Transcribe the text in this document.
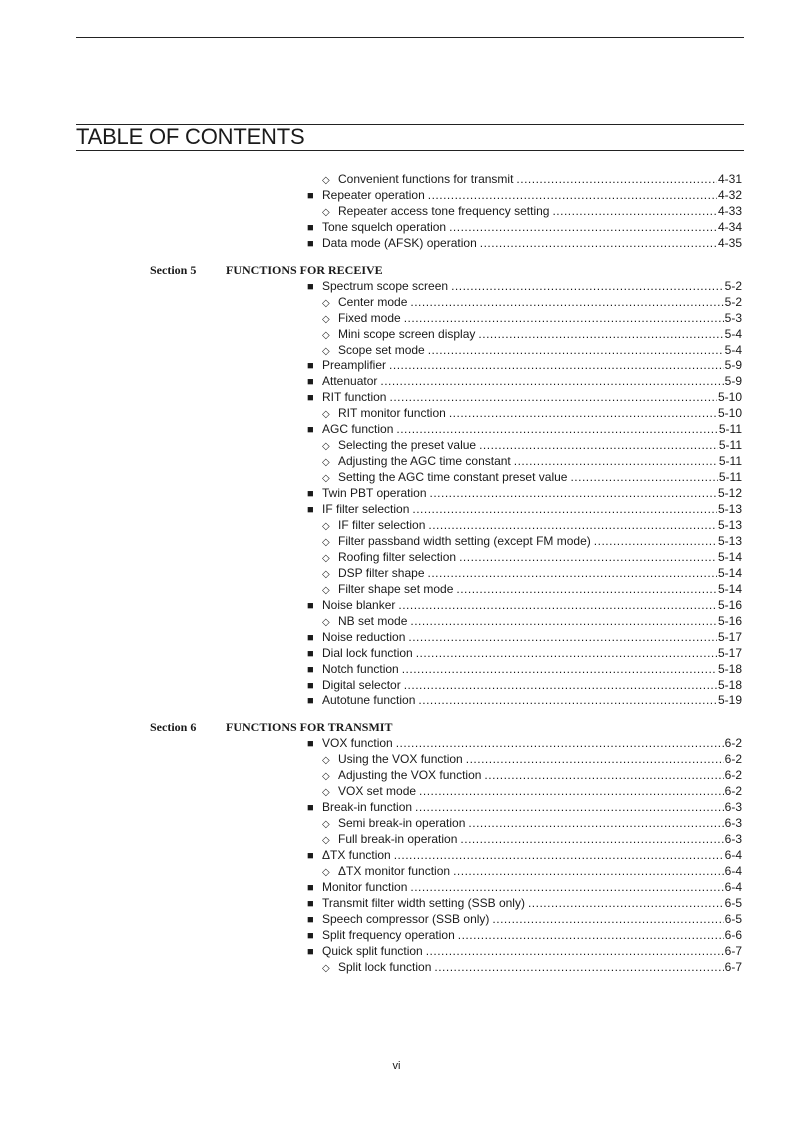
TABLE OF CONTENTS
◇ Convenient functions for transmit .....	4-31
■ Repeater operation .....	4-32
◇ Repeater access tone frequency setting .....	4-33
■ Tone squelch operation .....	4-34
■ Data mode (AFSK) operation .....	4-35
Section 5 FUNCTIONS FOR RECEIVE
■ Spectrum scope screen .....	5-2
◇ Center mode .....	5-2
◇ Fixed mode .....	5-3
◇ Mini scope screen display .....	5-4
◇ Scope set mode .....	5-4
■ Preamplifier .....	5-9
■ Attenuator .....	5-9
■ RIT function .....	5-10
◇ RIT monitor function .....	5-10
■ AGC function .....	5-11
◇ Selecting the preset value .....	5-11
◇ Adjusting the AGC time constant .....	5-11
◇ Setting the AGC time constant preset value .....	5-11
■ Twin PBT operation .....	5-12
■ IF filter selection .....	5-13
◇ IF filter selection .....	5-13
◇ Filter passband width setting (except FM mode) .....	5-13
◇ Roofing filter selection .....	5-14
◇ DSP filter shape .....	5-14
◇ Filter shape set mode .....	5-14
■ Noise blanker .....	5-16
◇ NB set mode .....	5-16
■ Noise reduction .....	5-17
■ Dial lock function .....	5-17
■ Notch function .....	5-18
■ Digital selector .....	5-18
■ Autotune function .....	5-19
Section 6 FUNCTIONS FOR TRANSMIT
■ VOX function .....	6-2
◇ Using the VOX function .....	6-2
◇ Adjusting the VOX function .....	6-2
◇ VOX set mode .....	6-2
■ Break-in function .....	6-3
◇ Semi break-in operation .....	6-3
◇ Full break-in operation .....	6-3
■ ΔTX function .....	6-4
◇ ΔTX monitor function .....	6-4
■ Monitor function .....	6-4
■ Transmit filter width setting (SSB only) .....	6-5
■ Speech compressor (SSB only) .....	6-5
■ Split frequency operation .....	6-6
■ Quick split function .....	6-7
◇ Split lock function .....	6-7
vi
